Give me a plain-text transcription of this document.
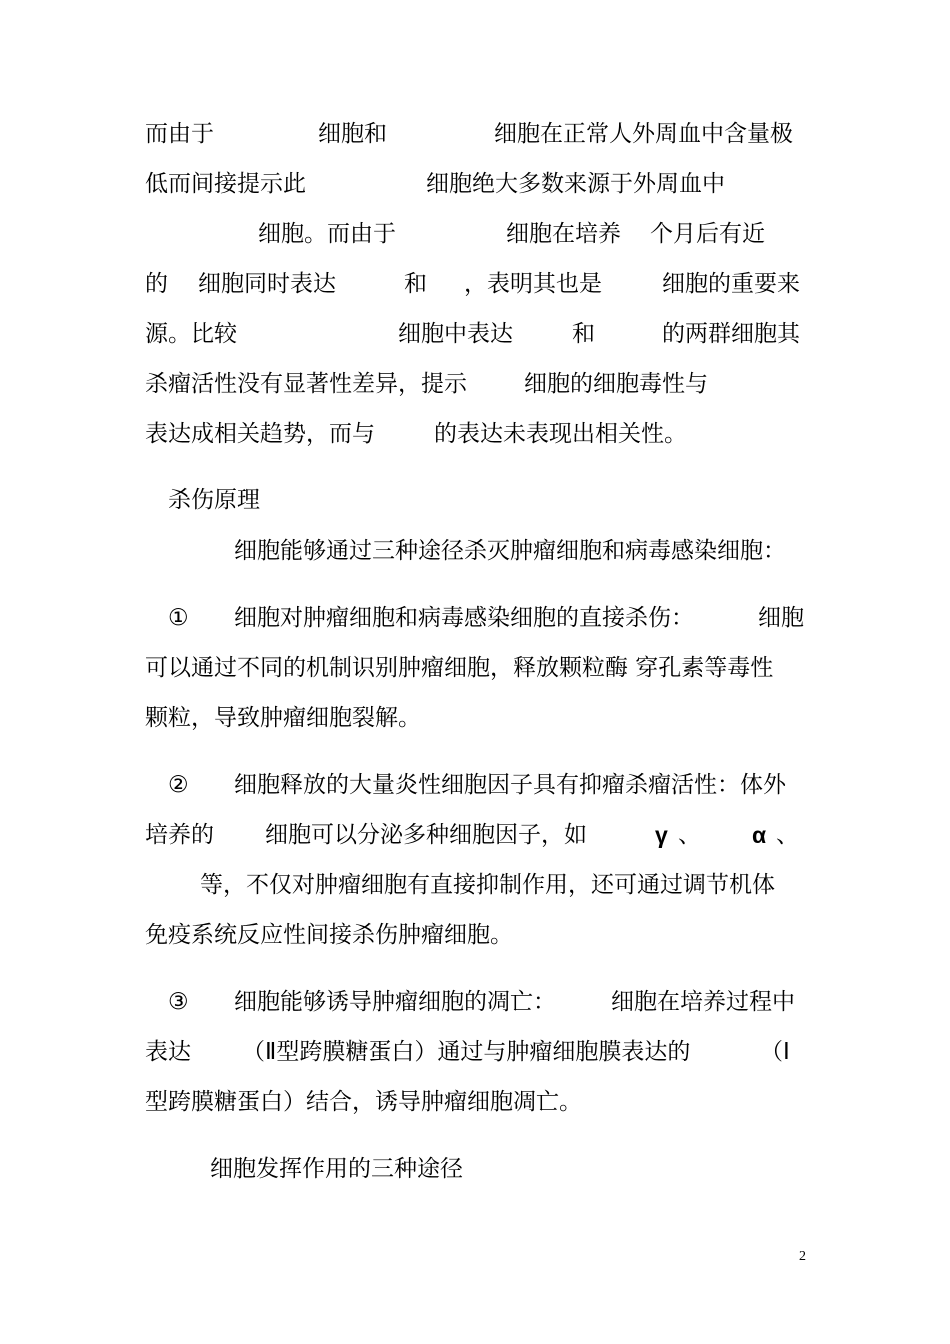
而由于	细胞和	细胞在正常人外周血中含量极
低而间接提示此	细胞绝大多数来源于外周血中
细胞。而由于	细胞在培养 个月后有近
的 细胞同时表达	和 ，表明其也是	细胞的重要来
源。比较	细胞中表达	和	的两群细胞其
杀瘤活性没有显著性差异，提示 细胞的细胞毒性与
表达成相关趋势，而与	的表达未表现出相关性。
杀伤原理
细胞能够通过三种途径杀灭肿瘤细胞和病毒感染细胞：
① 细胞对肿瘤细胞和病毒感染细胞的直接杀伤：	细胞
可以通过不同的机制识别肿瘤细胞，释放颗粒酶 穿孔素等毒性
颗粒，导致肿瘤细胞裂解。
② 细胞释放的大量炎性细胞因子具有抑瘤杀瘤活性：体外
培养的 细胞可以分泌多种细胞因子，如	γ 、 α 、
等，不仅对肿瘤细胞有直接抑制作用，还可通过调节机体
免疫系统反应性间接杀伤肿瘤细胞。
③ 细胞能够诱导肿瘤细胞的凋亡： 细胞在培养过程中
表达 （Ⅱ型跨膜糖蛋白）通过与肿瘤细胞膜表达的	（Ⅰ
型跨膜糖蛋白）结合，诱导肿瘤细胞凋亡。
细胞发挥作用的三种途径
2
